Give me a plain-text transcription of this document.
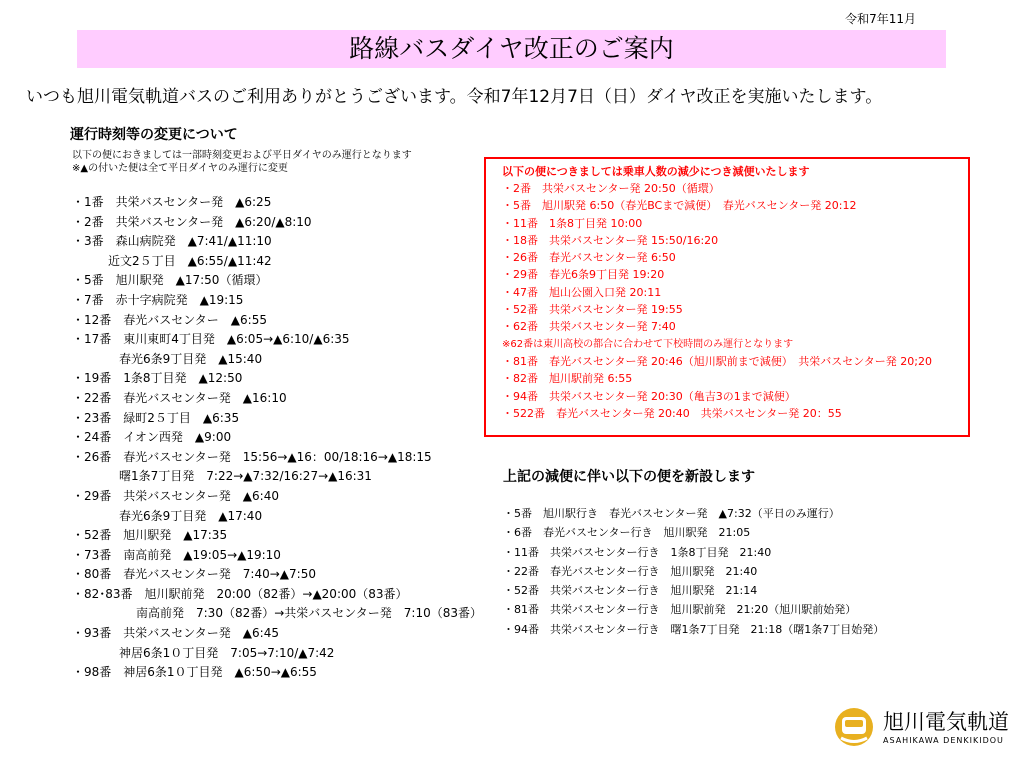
令和7年11月
路線バスダイヤ改正のご案内
いつも旭川電気軌道バスのご利用ありがとうございます。令和7年12月7日（日）ダイヤ改正を実施いたします。
運行時刻等の変更について
以下の便におきましては一部時刻変更および平日ダイヤのみ運行となります
※▲の付いた便は全て平日ダイヤのみ運行に変更
・1番　共栄バスセンター発　▲6:25
・2番　共栄バスセンター発　▲6:20/▲8:10
・3番　森山病院発　▲7:41/▲11:10
近文2５丁目　▲6:55/▲11:42
・5番　旭川駅発　▲17:50（循環）
・7番　赤十字病院発　▲19:15
・12番　春光バスセンター　▲6:55
・17番　東川東町4丁目発　▲6:05→▲6:10/▲6:35
春光6条9丁目発　▲15:40
・19番　1条8丁目発　▲12:50
・22番　春光バスセンター発　▲16:10
・23番　緑町2５丁目　▲6:35
・24番　イオン西発　▲9:00
・26番　春光バスセンター発　15:56→▲16：00/18:16→▲18:15
曙1条7丁目発　7:22→▲7:32/16:27→▲16:31
・29番　共栄バスセンター発　▲6:40
春光6条9丁目発　▲17:40
・52番　旭川駅発　▲17:35
・73番　南高前発　▲19:05→▲19:10
・80番　春光バスセンター発　7:40→▲7:50
・82･83番　旭川駅前発　20:00（82番）→▲20:00（83番）
南高前発　7:30（82番）→共栄バスセンター発　7:10（83番）
・93番　共栄バスセンター発　▲6:45
神居6条1０丁目発　7:05→7:10/▲7:42
・98番　神居6条1０丁目発　▲6:50→▲6:55
以下の便につきましては乗車人数の減少につき減便いたします
・2番　共栄バスセンター発 20:50（循環）
・5番　旭川駅発 6:50（春光BCまで減便）　春光バスセンター発 20:12
・11番　1条8丁目発 10:00
・18番　共栄バスセンター発 15:50/16:20
・26番　春光バスセンター発 6:50
・29番　春光6条9丁目発 19:20
・47番　旭山公園入口発 20:11
・52番　共栄バスセンター発 19:55
・62番　共栄バスセンター発 7:40
※62番は東川高校の都合に合わせて下校時間のみ運行となります
・81番　春光バスセンター発 20:46（旭川駅前まで減便）　共栄バスセンター発 20;20
・82番　旭川駅前発 6:55
・94番　共栄バスセンター発 20:30（亀吉3の1まで減便）
・522番　春光バスセンター発 20:40　共栄バスセンター発 20：55
上記の減便に伴い以下の便を新設します
・5番　旭川駅行き　春光バスセンター発　▲7:32（平日のみ運行）
・6番　春光バスセンター行き　旭川駅発　21:05
・11番　共栄バスセンター行き　1条8丁目発　21:40
・22番　春光バスセンター行き　旭川駅発　21:40
・52番　共栄バスセンター行き　旭川駅発　21:14
・81番　共栄バスセンター行き　旭川駅前発　21:20（旭川駅前始発）
・94番　共栄バスセンター行き　曙1条7丁目発　21:18（曙1条7丁目始発）
旭川電気軌道
ASAHIKAWA DENKIKIDOU
